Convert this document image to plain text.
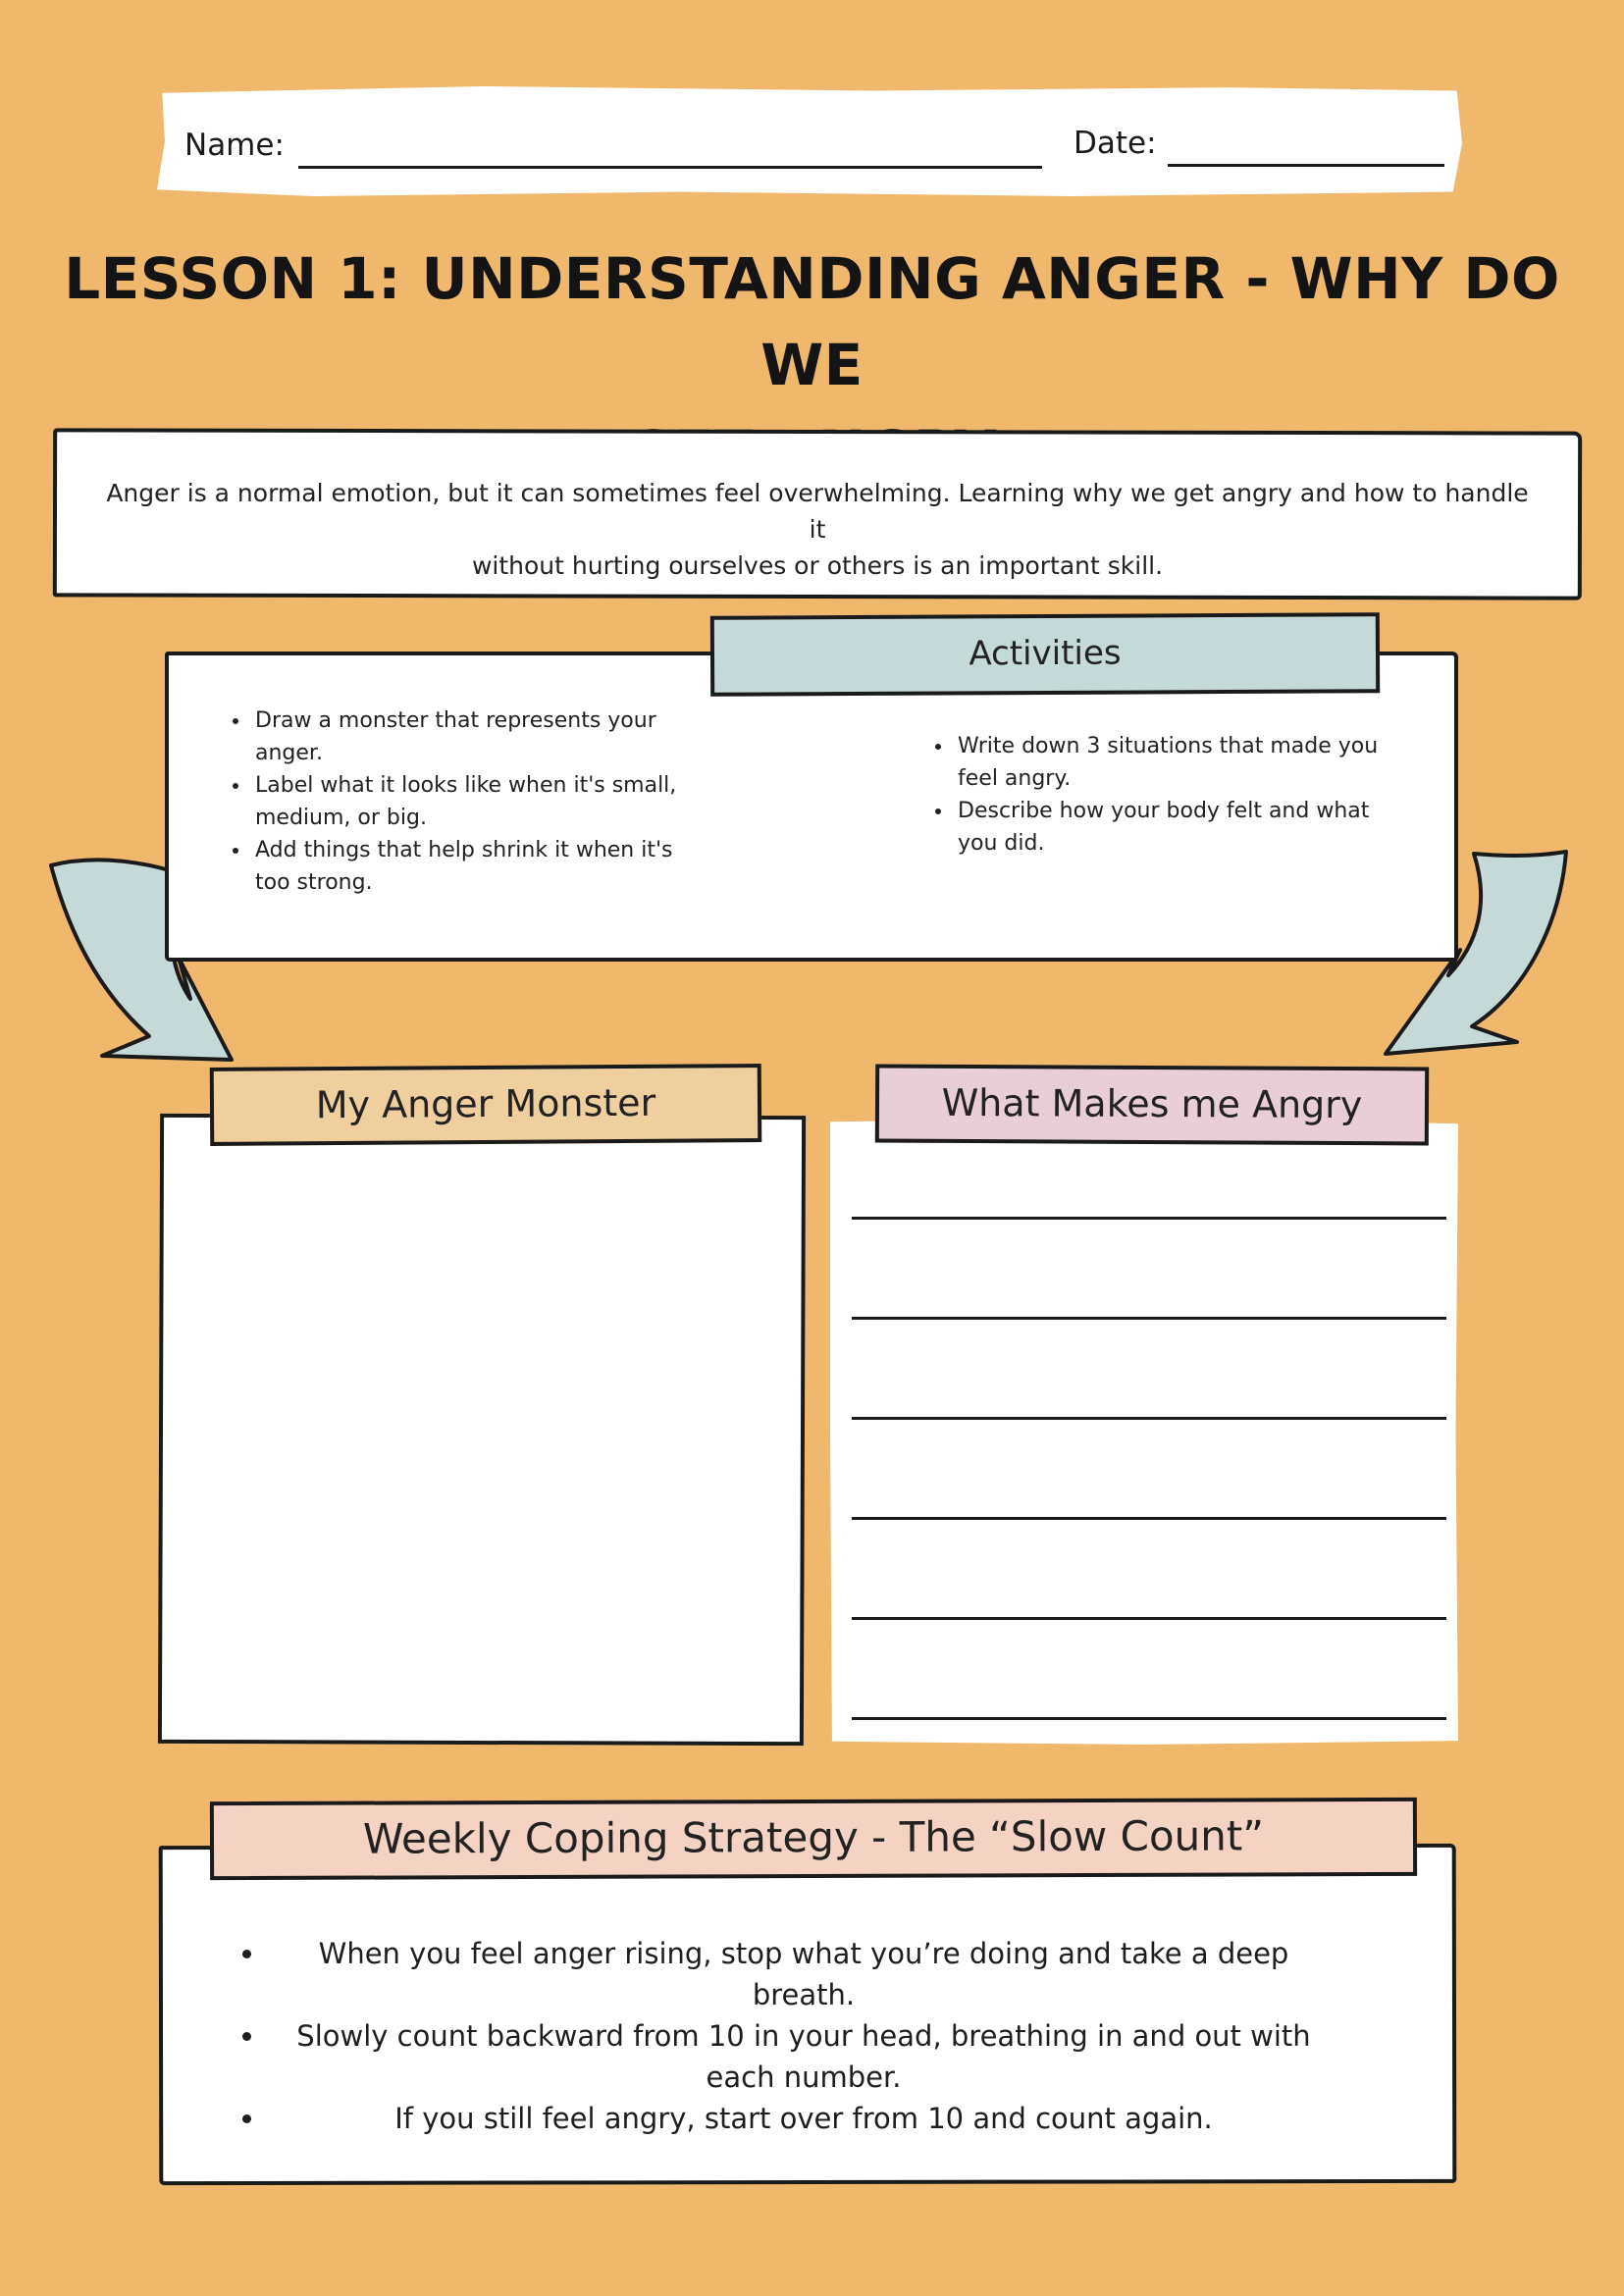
Name:	Date:
LESSON 1: UNDERSTANDING ANGER - WHY DO WE
Anger is a normal emotion, but it can sometimes feel overwhelming. Learning why we get angry and how to handle it
without hurting ourselves or others is an important skill.
Activities
• Draw a monster that represents your anger.
• Label what it looks like when it's small, medium, or big.
• Add things that help shrink it when it's too strong.
• Write down 3 situations that made you feel angry.
• Describe how your body felt and what you did.
My Anger Monster	What Makes me Angry
Weekly Coping Strategy - The “Slow Count”
• When you feel anger rising, stop what you’re doing and take a deep breath.
• Slowly count backward from 10 in your head, breathing in and out with each number.
• If you still feel angry, start over from 10 and count again.
